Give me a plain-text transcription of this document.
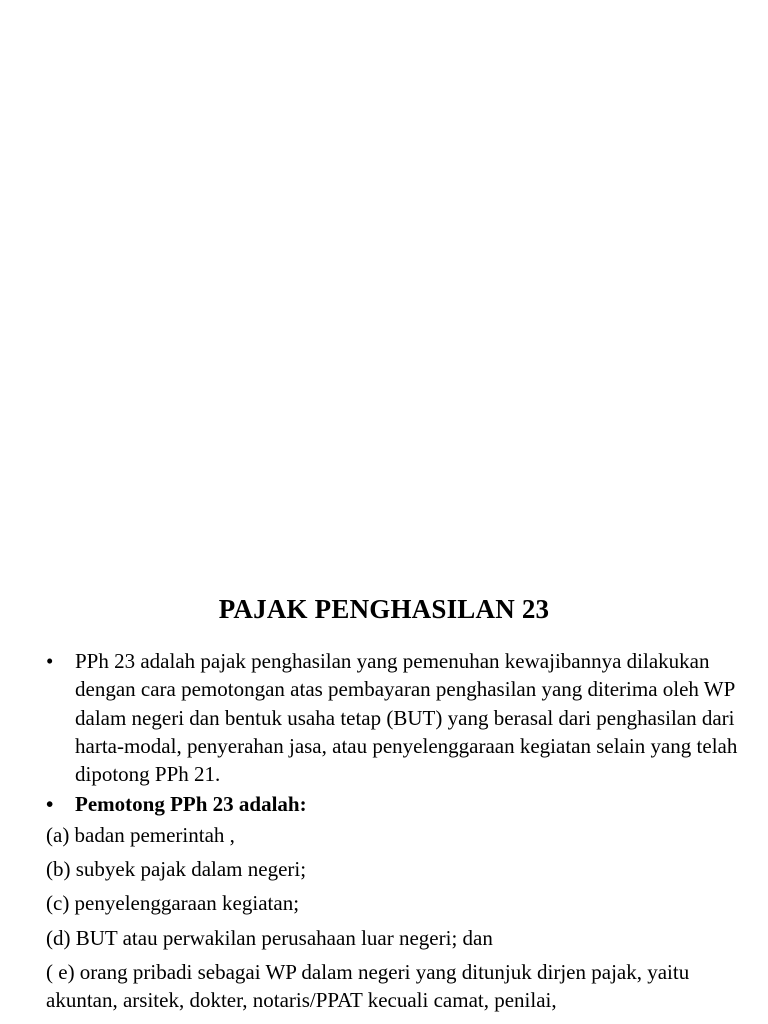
PAJAK PENGHASILAN 23
•	PPh 23 adalah pajak penghasilan yang pemenuhan kewajibannya dilakukan dengan cara pemotongan atas pembayaran penghasilan yang diterima oleh WP dalam negeri dan bentuk usaha tetap (BUT) yang berasal dari penghasilan dari harta-modal, penyerahan jasa, atau penyelenggaraan kegiatan selain yang telah dipotong PPh 21.
•	Pemotong PPh 23 adalah:
(a) badan pemerintah ,
(b) subyek pajak dalam negeri;
(c) penyelenggaraan kegiatan;
(d) BUT atau perwakilan perusahaan luar negeri; dan
( e) orang pribadi sebagai WP dalam negeri yang ditunjuk dirjen pajak, yaitu akuntan, arsitek, dokter, notaris/PPAT kecuali camat, penilai,
